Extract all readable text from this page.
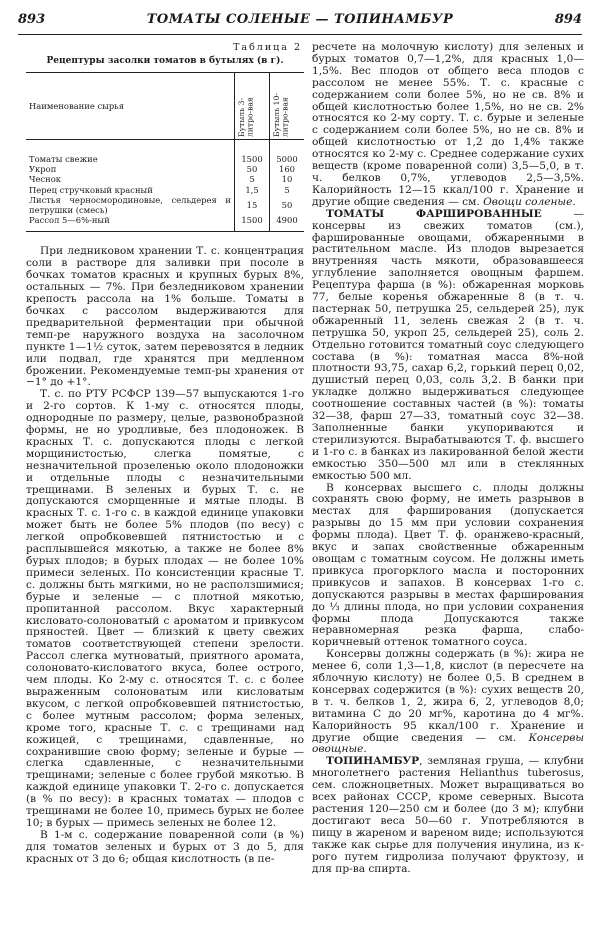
893	ТОМАТЫ СОЛЕНЫЕ — ТОПИНАМБУР	894
Таблица 2
Рецептуры засолки томатов в бутылях (в г).
Наименование сырья	Бутыль 3-литро-вая	Бутыль 10-литро-вая
Томаты свежие	1500	5000
Укроп	50	160
Чеснок	5	10
Перец стручковый красный	1,5	5
Листья черносмородиновые, сельдерея и петрушки (смесь)	15	50
Рассол 5—6%-ный	1500	4900

При ледниковом хранении Т. с. концентрация соли в растворе для заливки при посоле в бочках томатов красных и крупных бурых 8%, остальных — 7%. При безледниковом хранении крепость рассола на 1% больше. Томаты в бочках с рассолом выдерживаются для предварительной ферментации при обычной темп-ре наружного воздуха на засолочном пункте 1—1½ суток, затем перевозятся в ледник или подвал, где хранятся при медленном брожении. Рекомендуемые темп-ры хранения от −1° до +1°.

Т. с. по РТУ РСФСР 139—57 выпускаются 1-го и 2-го сортов. К 1-му с. относятся плоды, однородные по размеру, целые, развонобразной формы, не но уродливые, без плодоножек. В красных Т. с. допускаются плоды с легкой морщинистостью, слегка помятые, с незначительной прозеленью около плодоножки и отдельные плоды с незначительными трещинами. В зеленых и бурых Т. с. не допускаются сморщенные и мятые плоды. В красных Т. с. 1-го с. в каждой единице упаковки может быть не более 5% плодов (по весу) с легкой опробковевшей пятнистостью и с расплывшейся мякотью, а также не более 8% бурых плодов; в бурых плодах — не более 10% примеси зеленых. По консистенции красные Т. с. должны быть мягкими, но не расползшимися; бурые и зеленые — с плотной мякотью, пропитанной рассолом. Вкус характерный кисловато-солоноватый с ароматом и привкусом пряностей. Цвет — близкий к цвету свежих томатов соответствующей степени зрелости. Рассол слегка мутноватый, приятного аромата, солоновато-кисловатого вкуса, более острого, чем плоды. Ко 2-му с. относятся Т. с. с более выраженным солоноватым или кисловатым вкусом, с легкой опробковевшей пятнистостью, с более мутным рассолом; форма зеленых, кроме того, красные Т. с. с трещинами над кожицей, с трещинами, сдавленные, но сохранившие свою форму; зеленые и бурые — слегка сдавленные, с незначительными трещинами; зеленые с более грубой мякотью. В каждой единице упаковки Т. 2-го с. допускается (в % по весу): в красных томатах — плодов с трещинами не более 10, примесь бурых не более 10; в бурых — примесь зеленых не более 12.

В 1-м с. содержание поваренной соли (в %) для томатов зеленых и бурых от 3 до 5, для красных от 3 до 6; общая кислотность (в пе-

ресчете на молочную кислоту) для зеленых и бурых томатов 0,7—1,2%, для красных 1,0—1,5%. Вес плодов от общего веса плодов с рассолом не менее 55%. Т. с. красные с содержанием соли более 5%, но не св. 8% и общей кислотностью более 1,5%, но не св. 2% относятся ко 2-му сорту. Т. с. бурые и зеленые с содержанием соли более 5%, но не св. 8% и общей кислотностью от 1,2 до 1,4% также относятся ко 2-му с. Среднее содержание сухих веществ (кроме поваренной соли) 3,5—5,0, в т. ч. белков 0,7%, углеводов 2,5—3,5%. Калорийность 12—15 ккал/100 г. Хранение и другие общие сведения — см. Овощи соленые.

ТОМАТЫ ФАРШИРОВАННЫЕ — консервы из свежих томатов (см.), фаршированные овощами, обжаренными в растительном масле. Из плодов вырезается внутренняя часть мякоти, образовавшееся углубление заполняется овощным фаршем. Рецептура фарша (в %): обжаренная морковь 77, белые коренья обжаренные 8 (в т. ч. пастернак 50, петрушка 25, сельдерей 25), лук обжаренный 11, зелень свежая 2 (в т. ч. петрушка 50, укроп 25, сельдерей 25), соль 2. Отдельно готовится томатный соус следующего состава (в %): томатная масса 8%-ной плотности 93,75, сахар 6,2, горький перец 0,02, душистый перец 0,03, соль 3,2. В банки при укладке должно выдерживаться следующее соотношение составных частей (в %): томаты 32—38, фарш 27—33, томатный соус 32—38. Заполненные банки укупориваются и стерилизуются. Вырабатываются Т. ф. высшего и 1-го с. в банках из лакированной белой жести емкостью 350—500 мл или в стеклянных емкостью 500 мл.

В консервах высшего с. плоды должны сохранять свою форму, не иметь разрывов в местах для фарширования (допускается разрывы до 15 мм при условии сохранения формы плода). Цвет Т. ф. оранжево-красный, вкус и запах свойственные обжаренным овощам с томатным соусом. Не должны иметь привкуса прогорклого масла и посторонних привкусов и запахов. В консервах 1-го с. допускаются разрывы в местах фарширования до ⅓ длины плода, но при условии сохранения формы плода Допускаются также неравномерная резка фарша, слабо-коричневый оттенок томатного соуса.

Консервы должны содержать (в %): жира не менее 6, соли 1,3—1,8, кислот (в пересчете на яблочную кислоту) не более 0,5. В среднем в консервах содержится (в %): сухих веществ 20, в т. ч. белков 1, 2, жира 6, 2, углеводов 8,0; витамина С до 20 мг%, каротина до 4 мг%. Калорийность 95 ккал/100 г. Хранение и другие общие сведения — см. Консервы овощные.

ТОПИНАМБУР, земляная груша, — клубни многолетнего растения Helianthus tuberosus, сем. сложноцветных. Может выращиваться во всех районах СССР, кроме северных. Высота растения 120—250 см и более (до 3 м); клубни достигают веса 50—60 г. Употребляются в пищу в жареном и вареном виде; используются также как сырье для получения инулина, из к-рого путем гидролиза получают фруктозу, и для пр-ва спирта.
